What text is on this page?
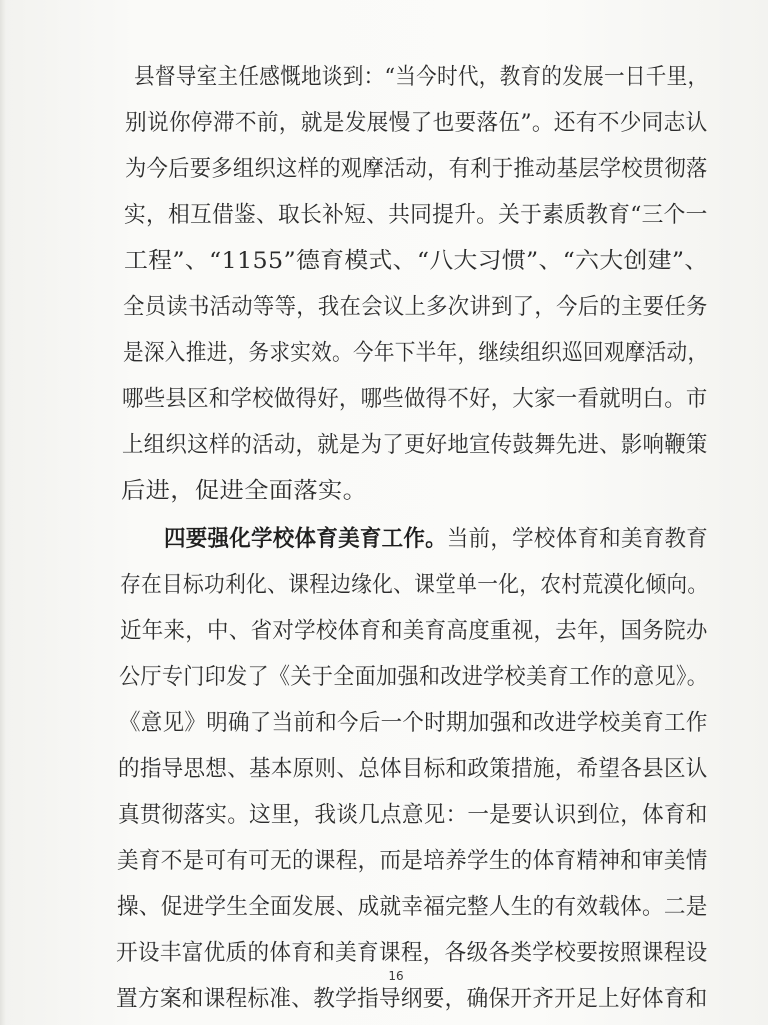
县督导室主任感慨地谈到：“当今时代，教育的发展一日千里，
别说你停滞不前，就是发展慢了也要落伍”。还有不少同志认
为今后要多组织这样的观摩活动，有利于推动基层学校贯彻落
实，相互借鉴、取长补短、共同提升。关于素质教育“三个一
工程”、“1155”德育模式、“八大习惯”、“六大创建”、
全员读书活动等等，我在会议上多次讲到了，今后的主要任务
是深入推进，务求实效。今年下半年，继续组织巡回观摩活动，
哪些县区和学校做得好，哪些做得不好，大家一看就明白。市
上组织这样的活动，就是为了更好地宣传鼓舞先进、影响鞭策
后进，促进全面落实。
四要强化学校体育美育工作。当前，学校体育和美育教育
存在目标功利化、课程边缘化、课堂单一化，农村荒漠化倾向。
近年来，中、省对学校体育和美育高度重视，去年，国务院办
公厅专门印发了《关于全面加强和改进学校美育工作的意见》。
《意见》明确了当前和今后一个时期加强和改进学校美育工作
的指导思想、基本原则、总体目标和政策措施，希望各县区认
真贯彻落实。这里，我谈几点意见：一是要认识到位，体育和
美育不是可有可无的课程，而是培养学生的体育精神和审美情
操、促进学生全面发展、成就幸福完整人生的有效载体。二是
开设丰富优质的体育和美育课程，各级各类学校要按照课程设
置方案和课程标准、教学指导纲要，确保开齐开足上好体育和
16
